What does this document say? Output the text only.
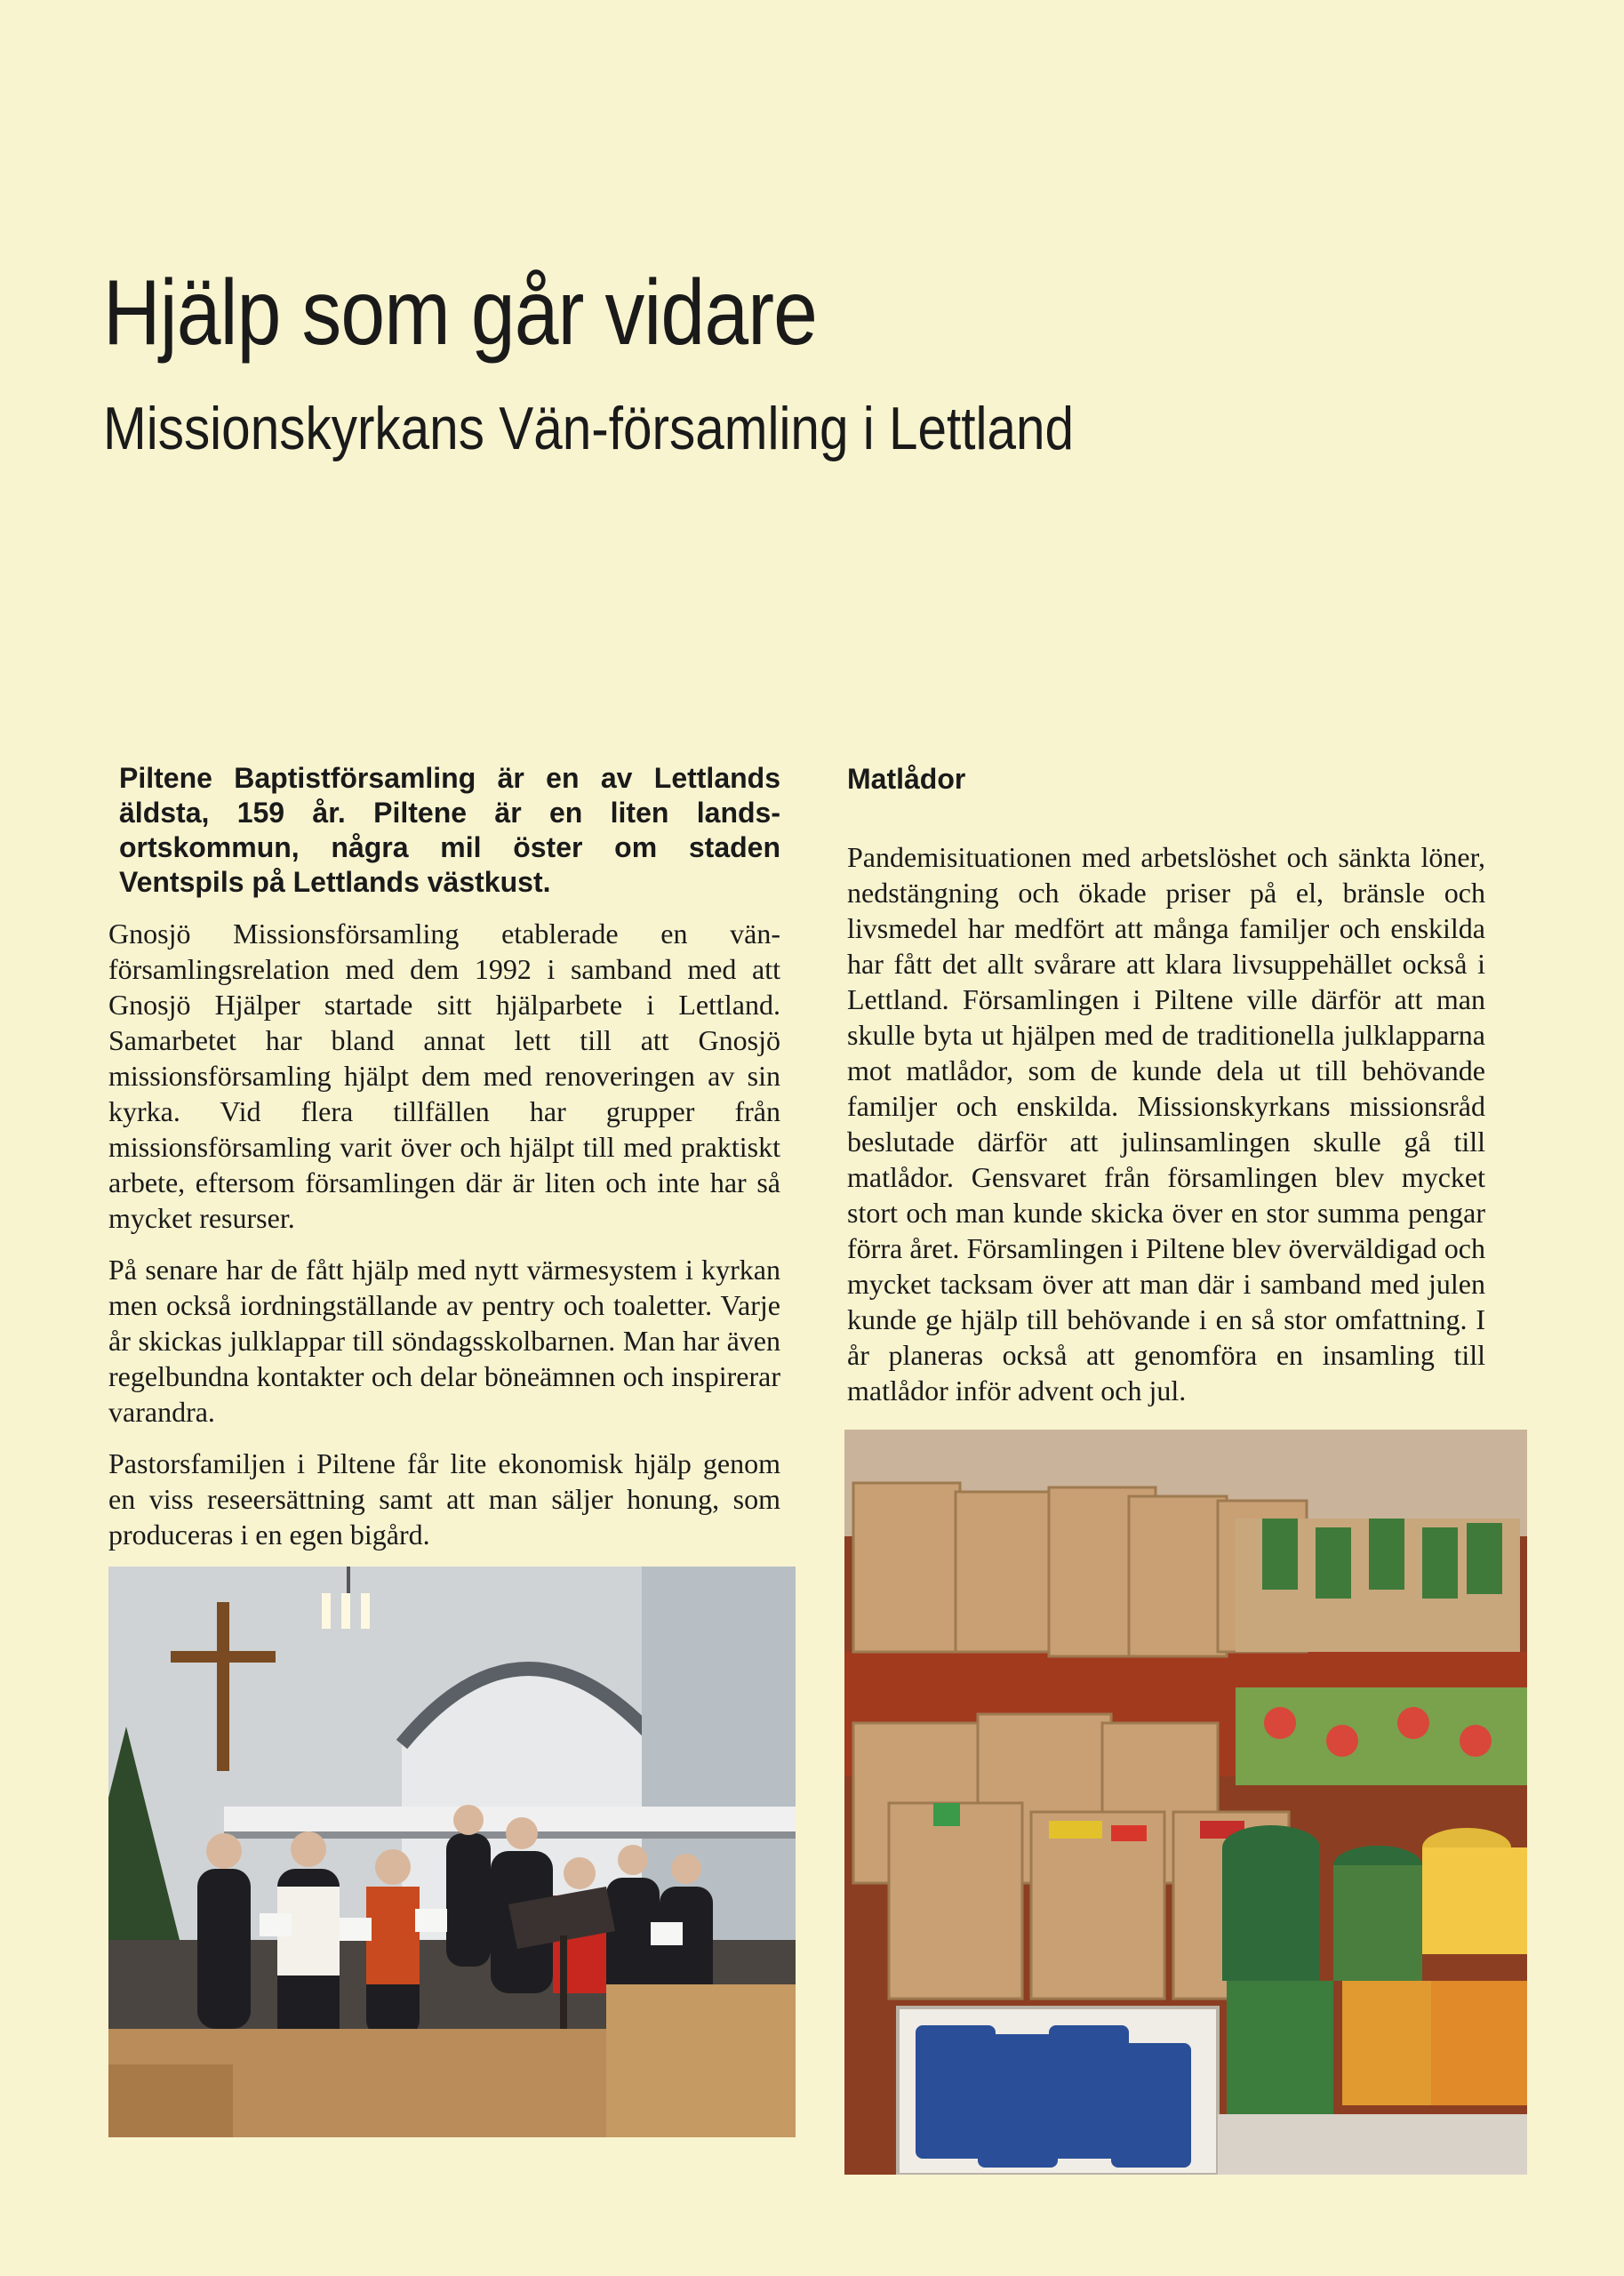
Hjälp som går vidare
Missionskyrkans Vän-församling i Lettland

Piltene Baptistförsamling är en av Lettlands äldsta, 159 år. Piltene är en liten landsortskommun, några mil öster om staden Ventspils på Lettlands västkust.

Gnosjö Missionsförsamling etablerade en vänförsamlingsrelation med dem 1992 i samband med att Gnosjö Hjälper startade sitt hjälparbete i Lettland. Samarbetet har bland annat lett till att Gnosjö missionsförsamling hjälpt dem med renoveringen av sin kyrka. Vid flera tillfällen har grupper från missionsförsamling varit över och hjälpt till med praktiskt arbete, eftersom församlingen där är liten och inte har så mycket resurser.

På senare har de fått hjälp med nytt värmesystem i kyrkan men också iordningställande av pentry och toaletter. Varje år skickas julklappar till söndagsskolbarnen. Man har även regelbundna kontakter och delar böneämnen och inspirerar varandra.

Pastorsfamiljen i Piltene får lite ekonomisk hjälp genom en viss reseersättning samt att man säljer honung, som produceras i en egen bigård.

Matlådor

Pandemisituationen med arbetslöshet och sänkta löner, nedstängning och ökade priser på el, bränsle och livsmedel har medfört att många familjer och enskilda har fått det allt svårare att klara livsuppehället också i Lettland. Församlingen i Piltene ville därför att man skulle byta ut hjälpen med de traditionella julklapparna mot matlådor, som de kunde dela ut till behövande familjer och enskilda. Missionskyrkans missionsråd beslutade därför att julinsamlingen skulle gå till matlådor. Gensvaret från församlingen blev mycket stort och man kunde skicka över en stor summa pengar förra året. Församlingen i Piltene blev överväldigad och mycket tacksam över att man där i samband med julen kunde ge hjälp till behövande i en så stor omfattning. I år planeras också att genomföra en insamling till matlådor inför advent och jul.
